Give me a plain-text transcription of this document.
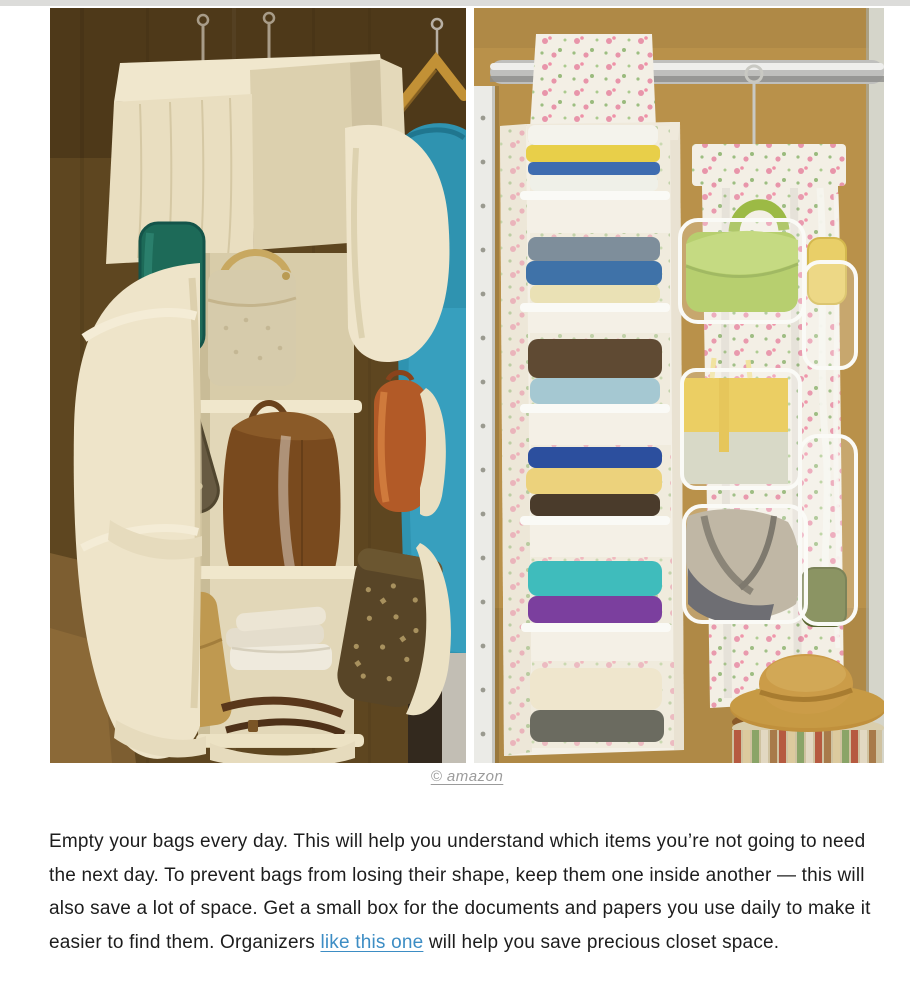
© amazon

Empty your bags every day. This will help you understand which items you’re not going to need the next day. To prevent bags from losing their shape, keep them one inside another — this will also save a lot of space. Get a small box for the documents and papers you use daily to make it easier to find them. Organizers like this one will help you save precious closet space.
